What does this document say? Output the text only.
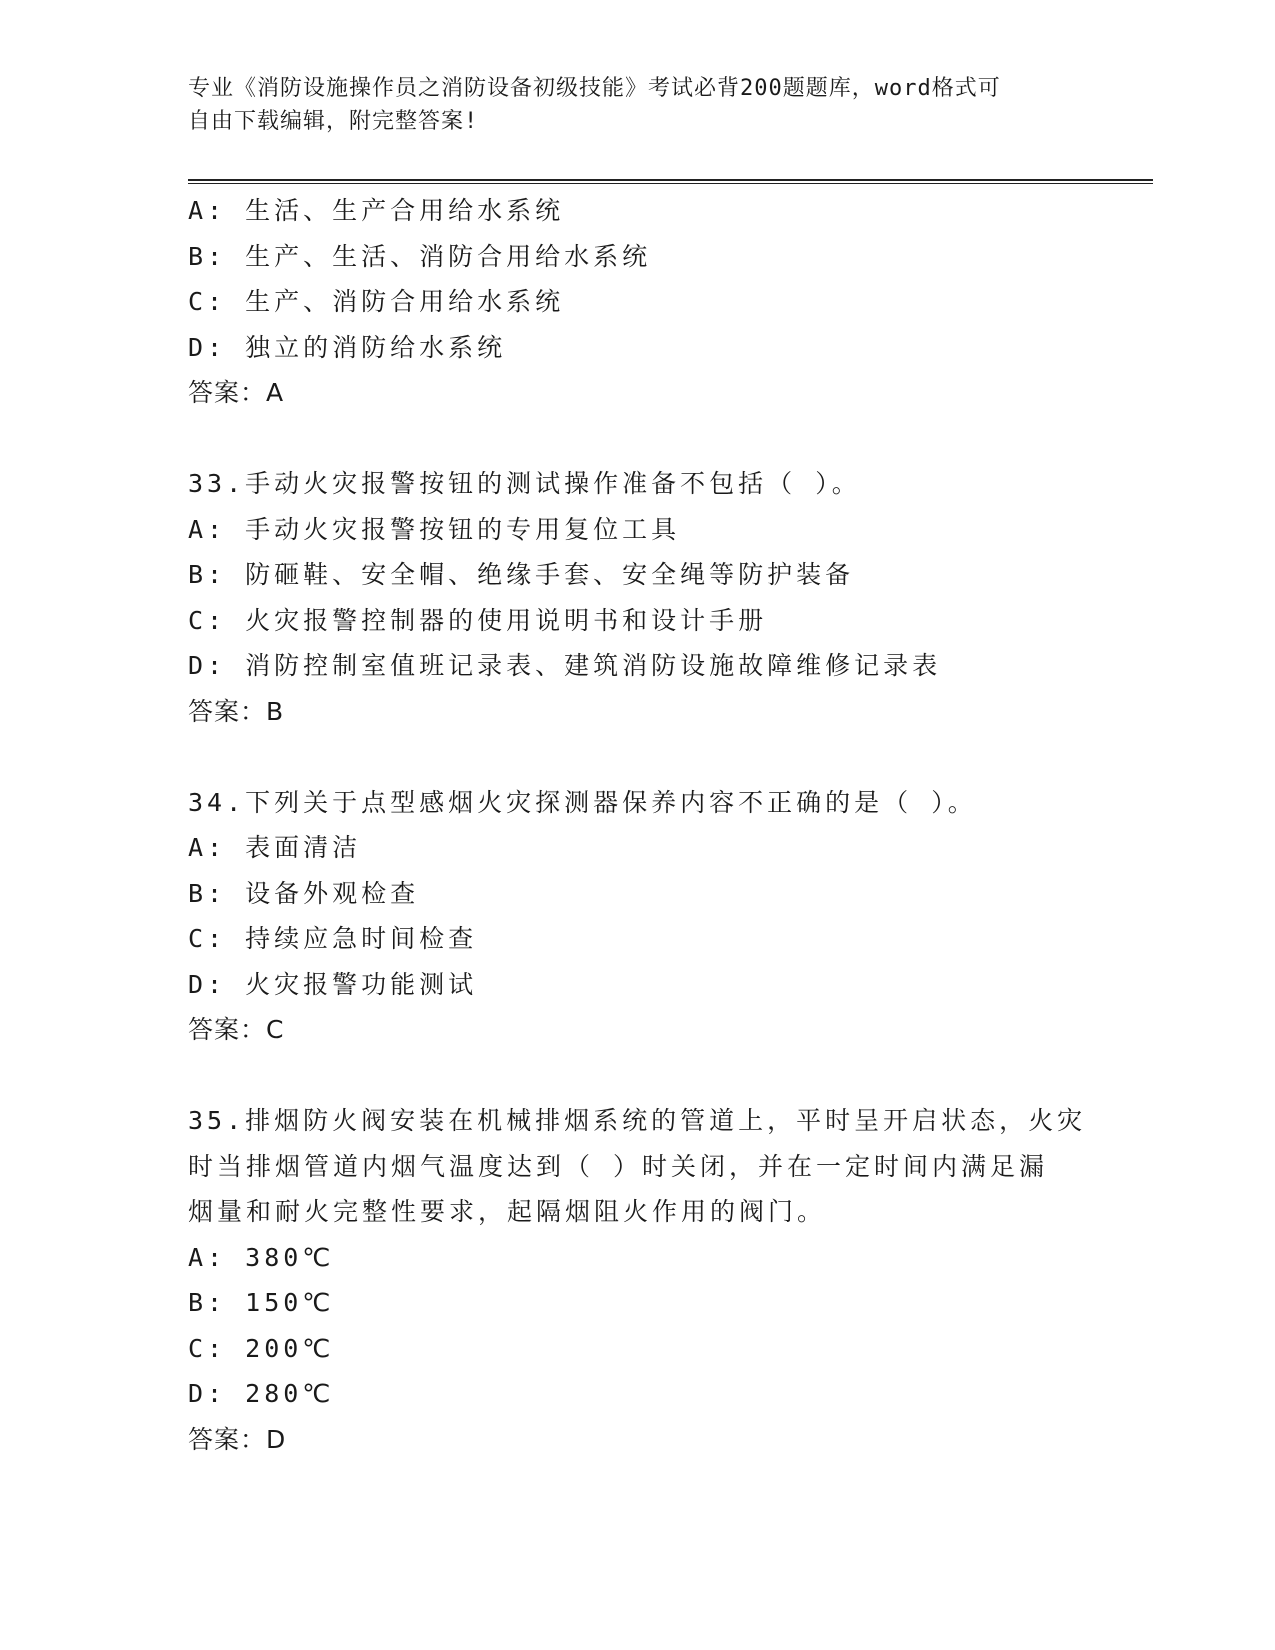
专业《消防设施操作员之消防设备初级技能》考试必背200题题库，word格式可
自由下载编辑，附完整答案!
A: 生活、生产合用给水系统
B: 生产、生活、消防合用给水系统
C: 生产、消防合用给水系统
D: 独立的消防给水系统
答案：A
33.手动火灾报警按钮的测试操作准备不包括（ ）。
A: 手动火灾报警按钮的专用复位工具
B: 防砸鞋、安全帽、绝缘手套、安全绳等防护装备
C: 火灾报警控制器的使用说明书和设计手册
D: 消防控制室值班记录表、建筑消防设施故障维修记录表
答案：B
34.下列关于点型感烟火灾探测器保养内容不正确的是（ ）。
A: 表面清洁
B: 设备外观检查
C: 持续应急时间检查
D: 火灾报警功能测试
答案：C
35.排烟防火阀安装在机械排烟系统的管道上，平时呈开启状态，火灾
时当排烟管道内烟气温度达到（ ）时关闭，并在一定时间内满足漏
烟量和耐火完整性要求，起隔烟阻火作用的阀门。
A: 380℃
B: 150℃
C: 200℃
D: 280℃
答案：D
